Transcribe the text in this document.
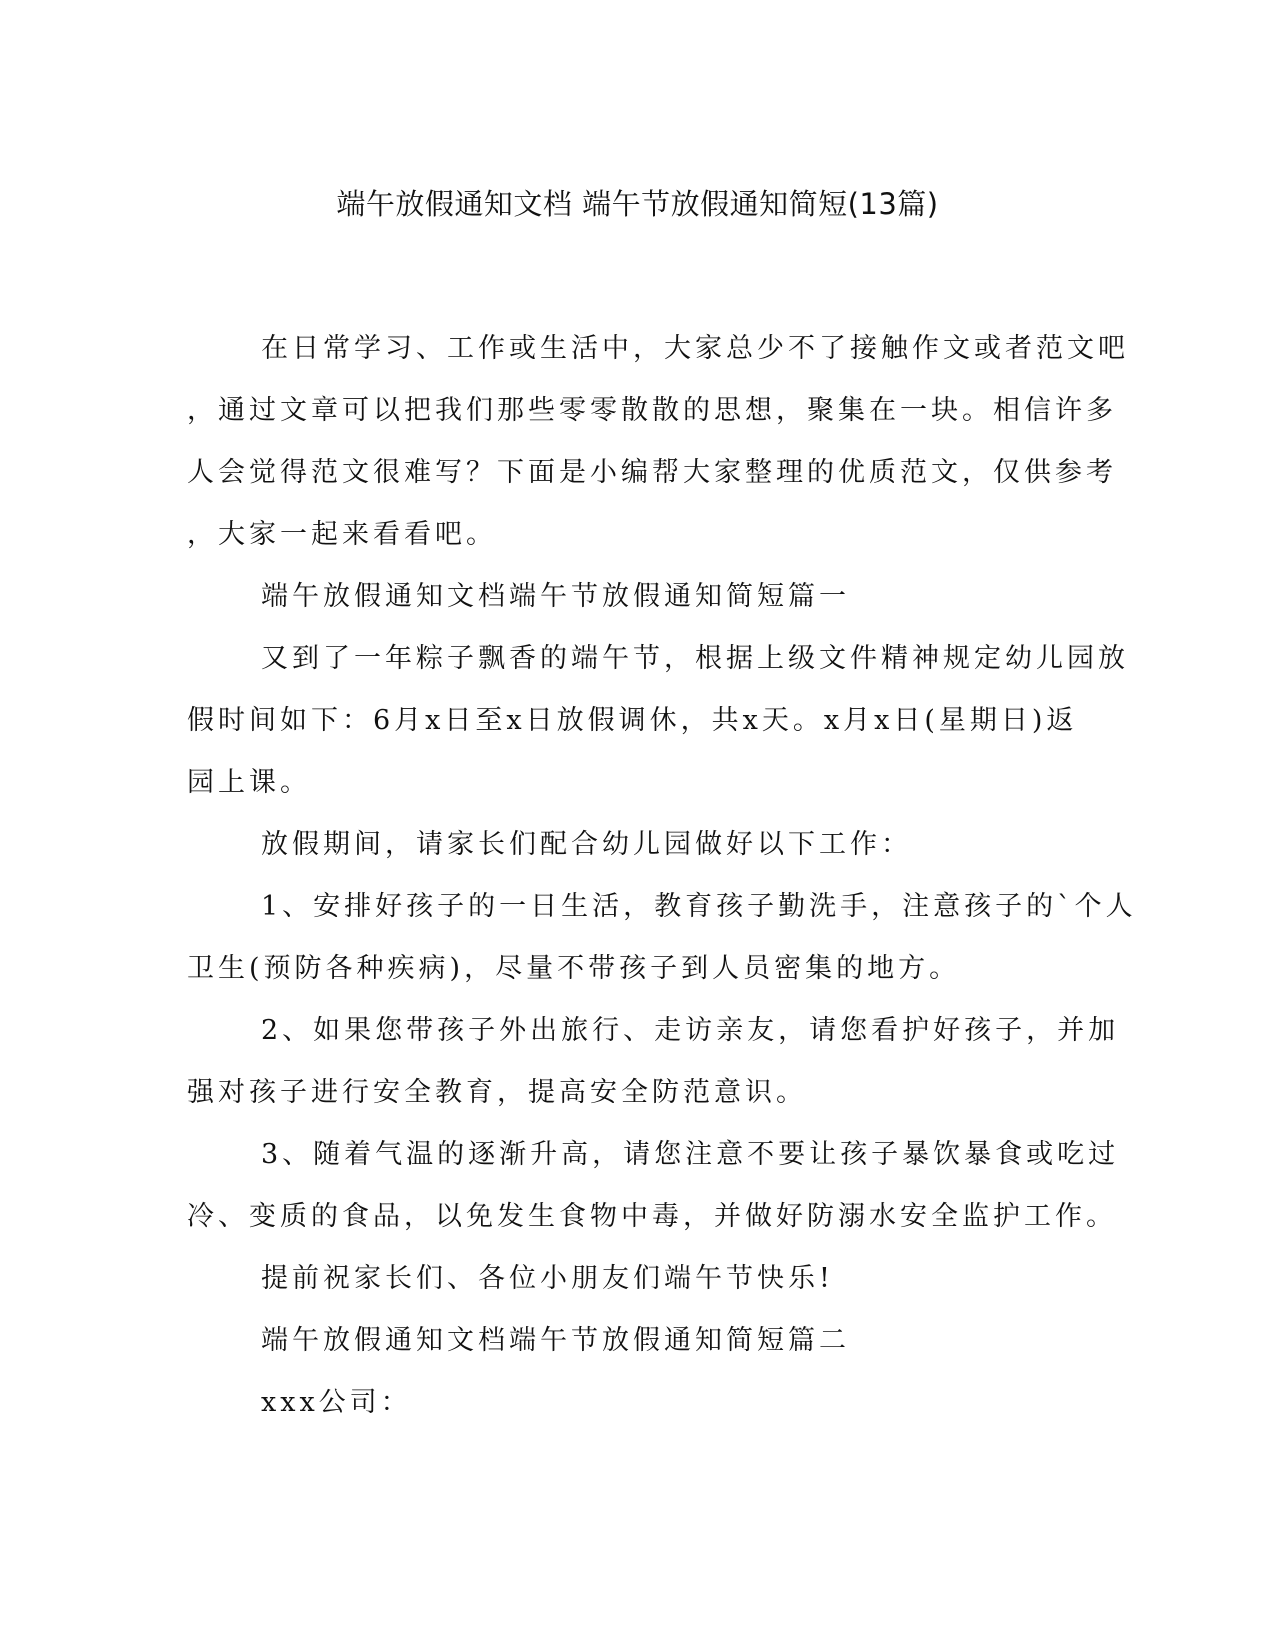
端午放假通知文档 端午节放假通知简短(13篇)
在日常学习、工作或生活中，大家总少不了接触作文或者范文吧
，通过文章可以把我们那些零零散散的思想，聚集在一块。相信许多
人会觉得范文很难写？下面是小编帮大家整理的优质范文，仅供参考
，大家一起来看看吧。
端午放假通知文档端午节放假通知简短篇一
又到了一年粽子飘香的端午节，根据上级文件精神规定幼儿园放
假时间如下：6月x日至x日放假调休，共x天。x月x日(星期日)返
园上课。
放假期间，请家长们配合幼儿园做好以下工作：
1、安排好孩子的一日生活，教育孩子勤洗手，注意孩子的`个人
卫生(预防各种疾病)，尽量不带孩子到人员密集的地方。
2、如果您带孩子外出旅行、走访亲友，请您看护好孩子，并加
强对孩子进行安全教育，提高安全防范意识。
3、随着气温的逐渐升高，请您注意不要让孩子暴饮暴食或吃过
冷、变质的食品，以免发生食物中毒，并做好防溺水安全监护工作。
提前祝家长们、各位小朋友们端午节快乐!
端午放假通知文档端午节放假通知简短篇二
xxx公司：
